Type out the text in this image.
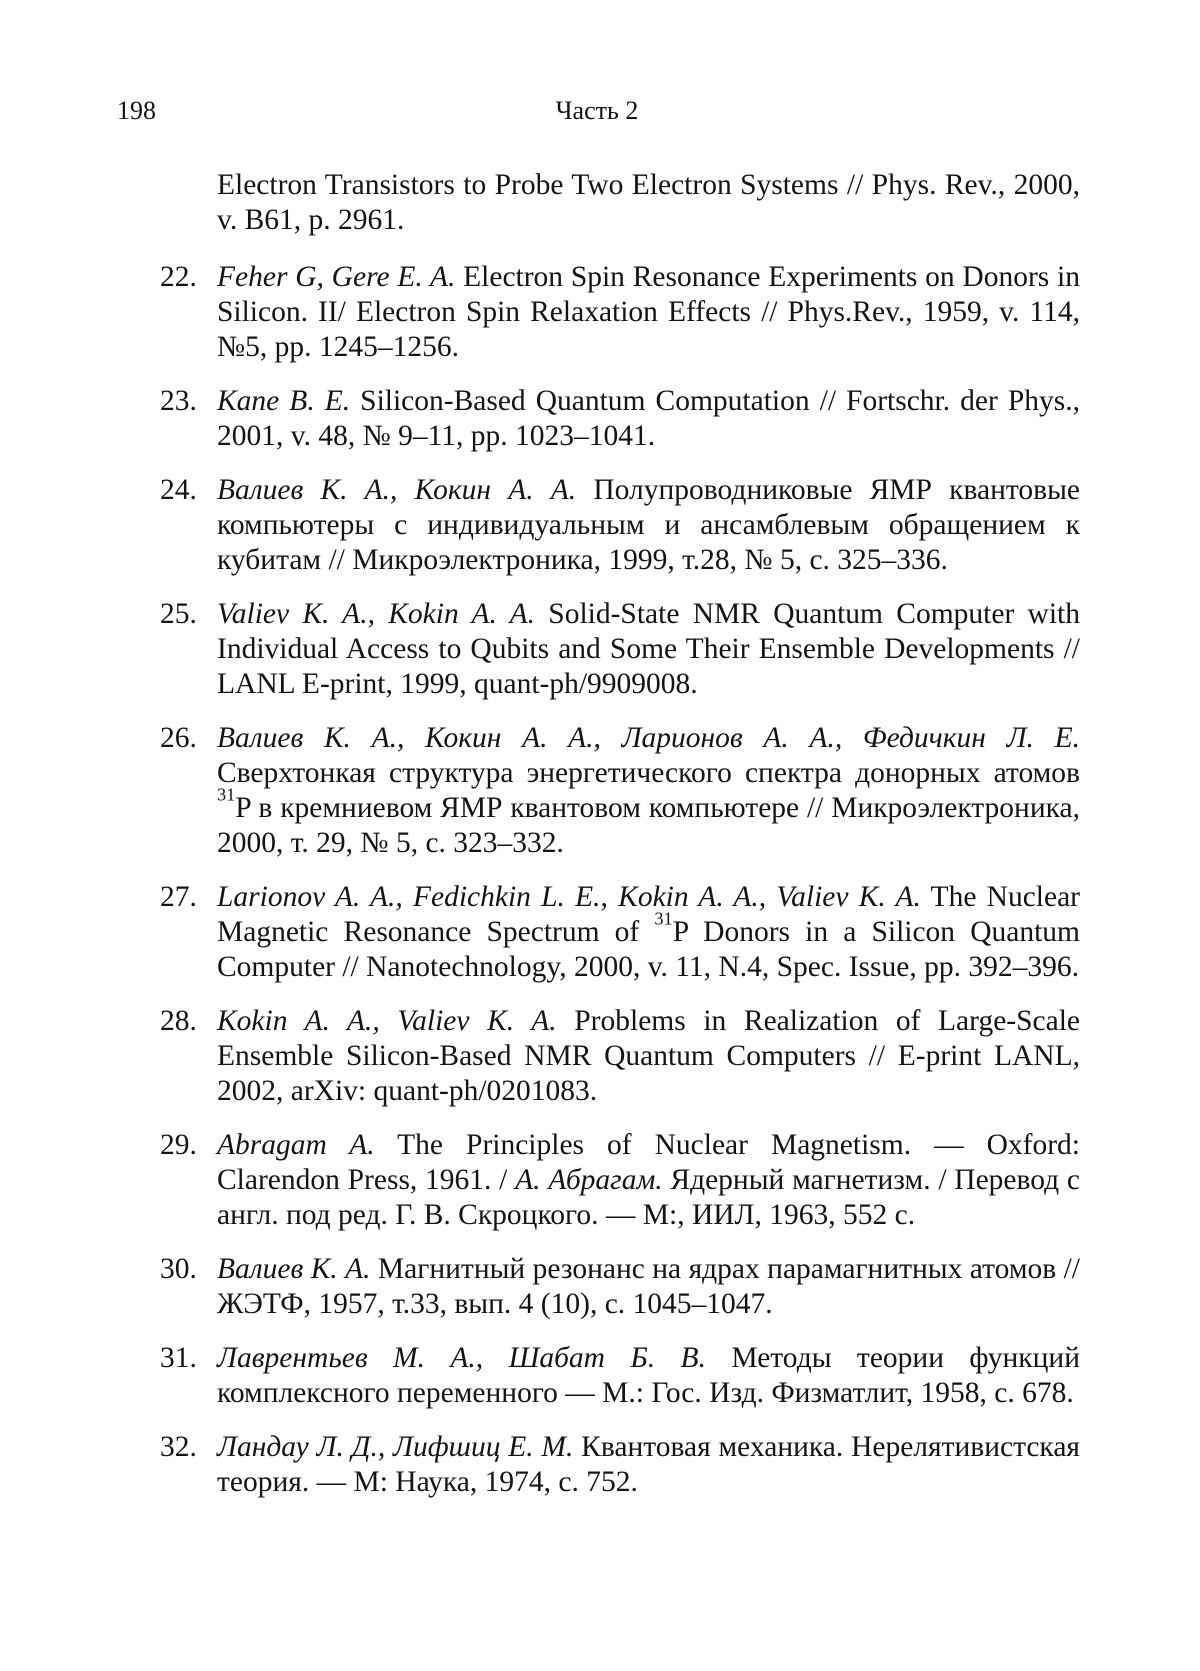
198	Часть 2
Electron Transistors to Probe Two Electron Systems // Phys. Rev., 2000, v. B61, p. 2961.
22. Feher G, Gere E. A. Electron Spin Resonance Experiments on Donors in Silicon. II/ Electron Spin Relaxation Effects // Phys.Rev., 1959, v. 114, №5, pp. 1245–1256.
23. Kane B. E. Silicon-Based Quantum Computation // Fortschr. der Phys., 2001, v. 48, № 9–11, pp. 1023–1041.
24. Валиев К. А., Кокин А. А. Полупроводниковые ЯМР квантовые компьютеры с индивидуальным и ансамблевым обращением к кубитам // Микроэлектроника, 1999, т.28, № 5, с. 325–336.
25. Valiev K. A., Kokin A. A. Solid-State NMR Quantum Computer with Individual Access to Qubits and Some Their Ensemble Developments // LANL E-print, 1999, quant-ph/9909008.
26. Валиев К. А., Кокин А. А., Ларионов А. А., Федичкин Л. Е. Сверхтонкая структура энергетического спектра донорных атомов $^{31}$P в кремниевом ЯМР квантовом компьютере // Микроэлектроника, 2000, т. 29, № 5, с. 323–332.
27. Larionov A. A., Fedichkin L. E., Kokin A. A., Valiev K. A. The Nuclear Magnetic Resonance Spectrum of $^{31}$P Donors in a Silicon Quantum Computer // Nanotechnology, 2000, v. 11, N.4, Spec. Issue, pp. 392–396.
28. Kokin A. A., Valiev K. A. Problems in Realization of Large-Scale Ensemble Silicon-Based NMR Quantum Computers // E-print LANL, 2002, arXiv: quant-ph/0201083.
29. Abragam A. The Principles of Nuclear Magnetism. — Oxford: Clarendon Press, 1961. / А. Абрагам. Ядерный магнетизм. / Перевод с англ. под ред. Г. В. Скроцкого. — М:, ИИЛ, 1963, 552 с.
30. Валиев К. А. Магнитный резонанс на ядрах парамагнитных атомов // ЖЭТФ, 1957, т.33, вып. 4 (10), с. 1045–1047.
31. Лаврентьев М. А., Шабат Б. В. Методы теории функций комплексного переменного — М.: Гос. Изд. Физматлит, 1958, с. 678.
32. Ландау Л. Д., Лифшиц Е. М. Квантовая механика. Нерелятивистская теория. — М: Наука, 1974, с. 752.
